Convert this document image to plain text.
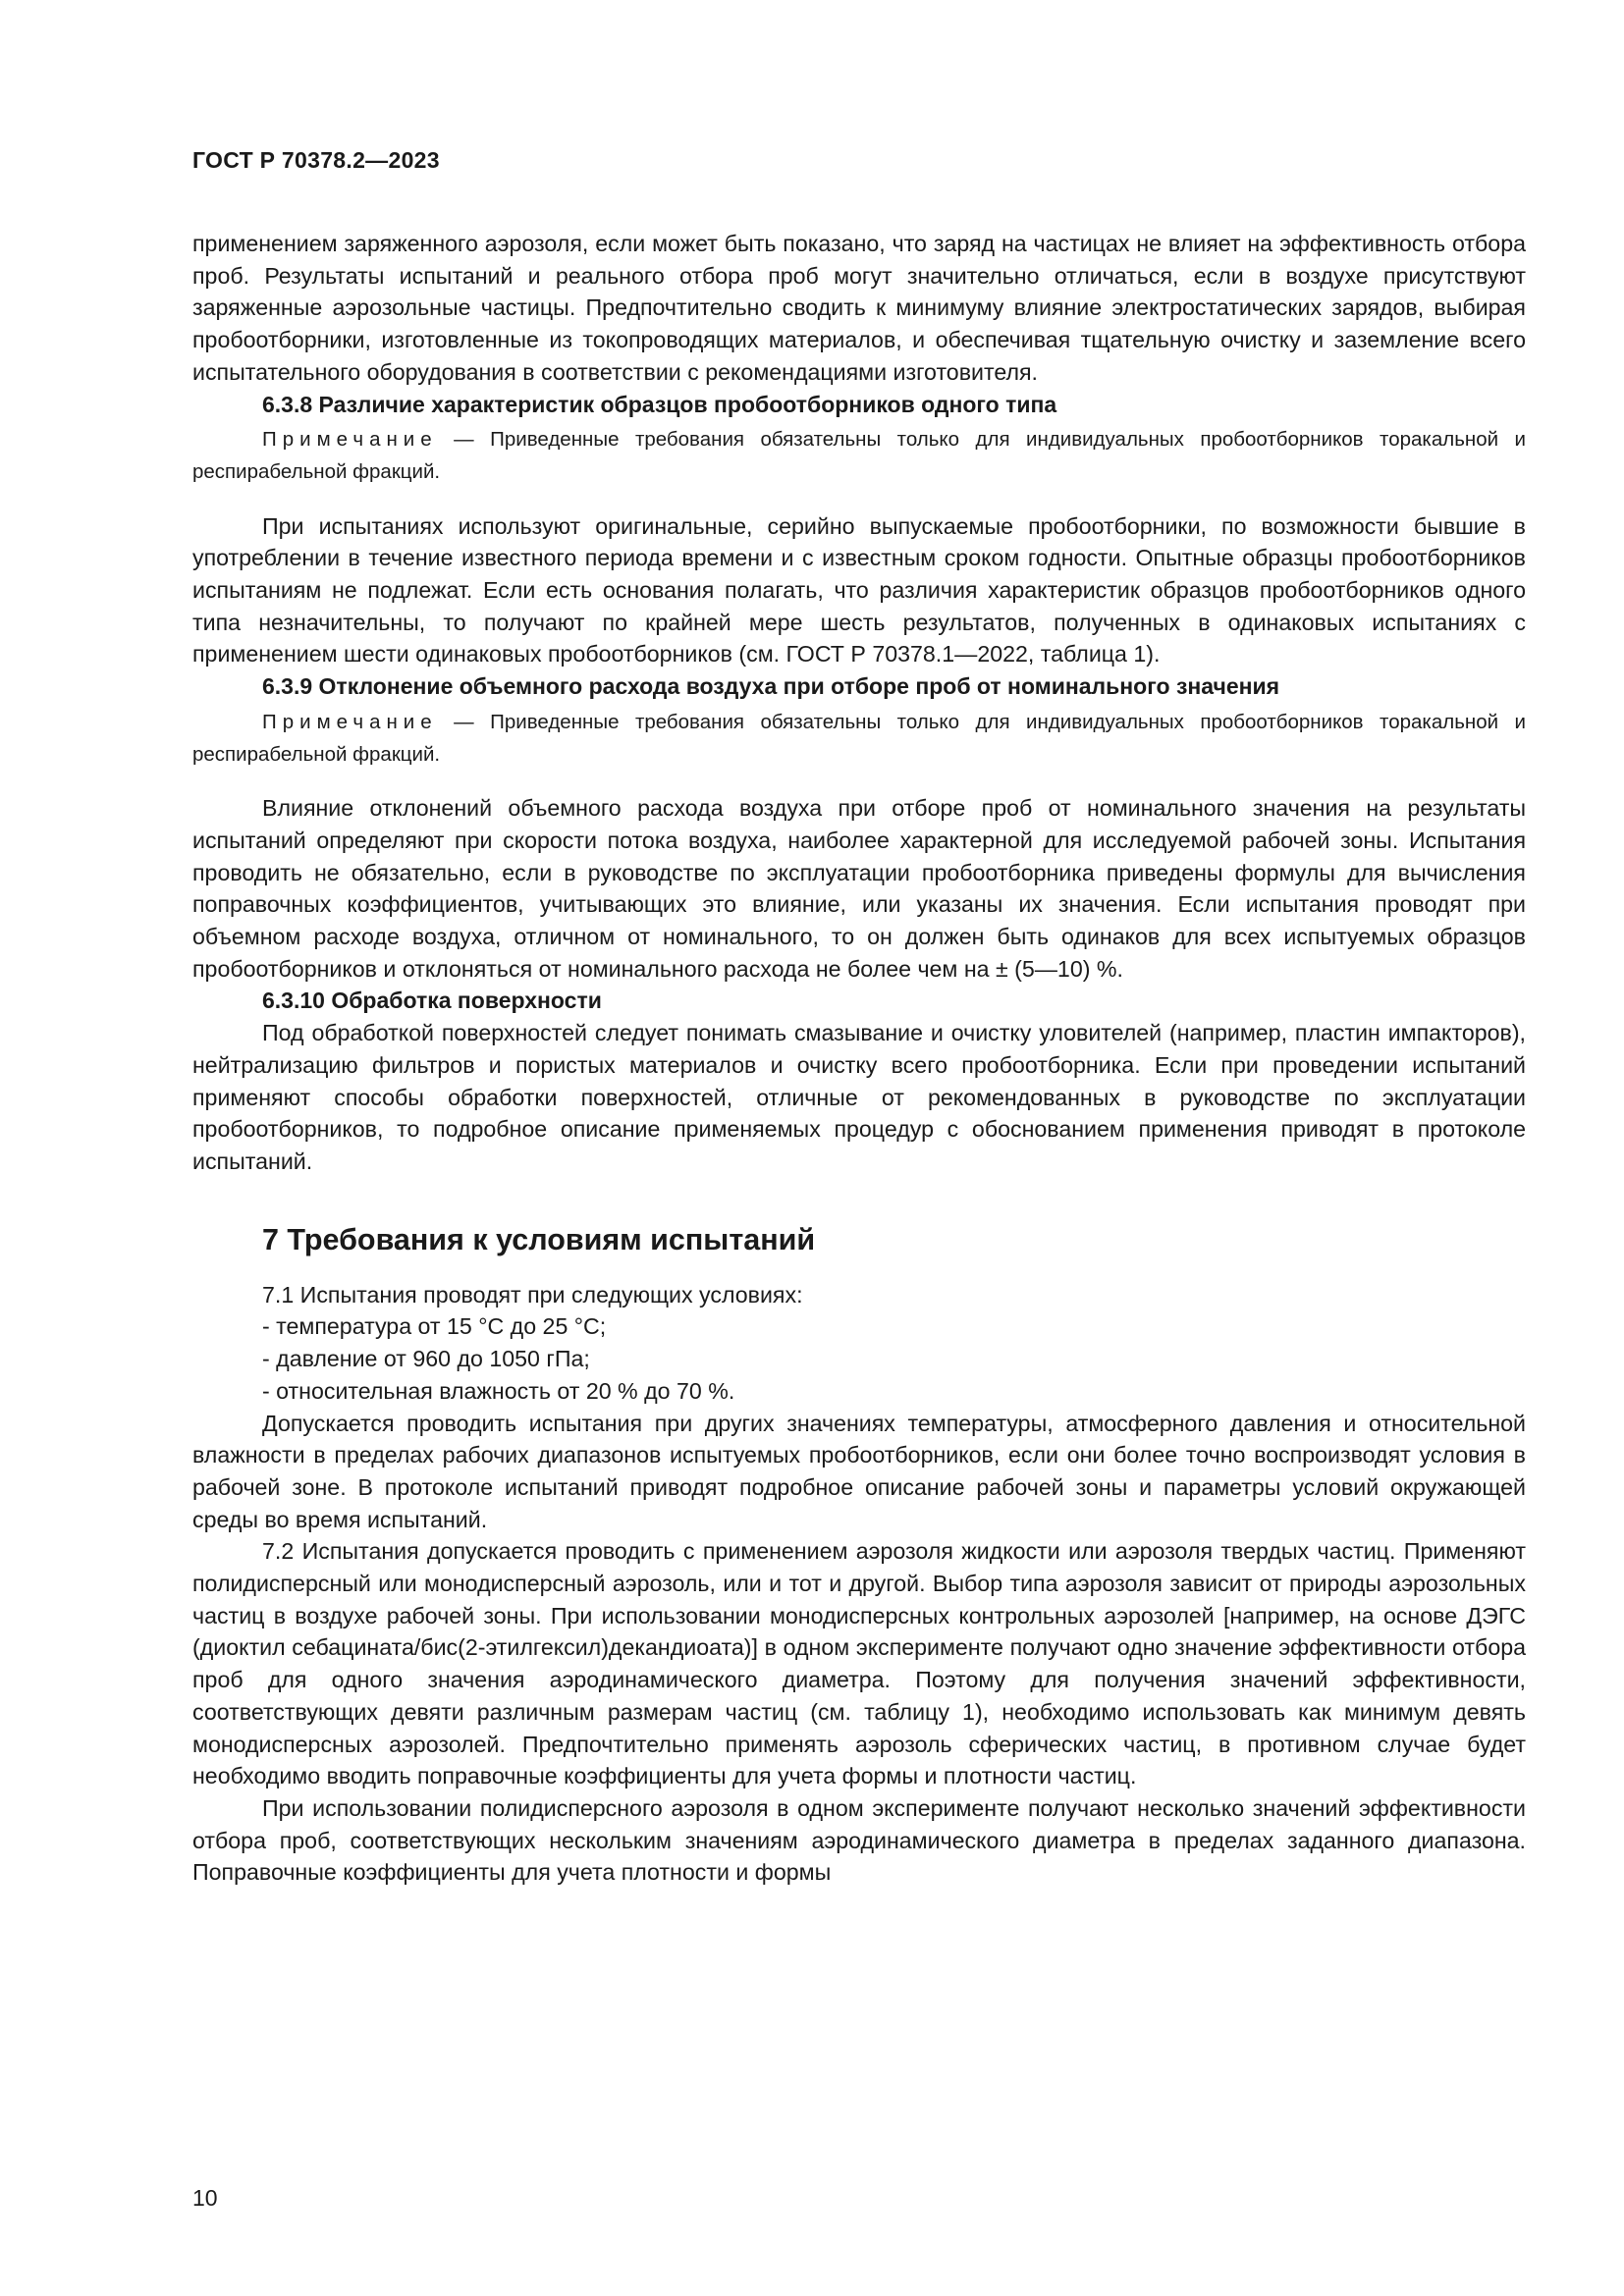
ГОСТ Р 70378.2—2023

применением заряженного аэрозоля, если может быть показано, что заряд на частицах не влияет на эффективность отбора проб. Результаты испытаний и реального отбора проб могут значительно отличаться, если в воздухе присутствуют заряженные аэрозольные частицы. Предпочтительно сводить к минимуму влияние электростатических зарядов, выбирая пробоотборники, изготовленные из токопроводящих материалов, и обеспечивая тщательную очистку и заземление всего испытательного оборудования в соответствии с рекомендациями изготовителя.

6.3.8 Различие характеристик образцов пробоотборников одного типа

Примечание — Приведенные требования обязательны только для индивидуальных пробоотборников торакальной и респирабельной фракций.

При испытаниях используют оригинальные, серийно выпускаемые пробоотборники, по возможности бывшие в употреблении в течение известного периода времени и с известным сроком годности. Опытные образцы пробоотборников испытаниям не подлежат. Если есть основания полагать, что различия характеристик образцов пробоотборников одного типа незначительны, то получают по крайней мере шесть результатов, полученных в одинаковых испытаниях с применением шести одинаковых пробоотборников (см. ГОСТ Р 70378.1—2022, таблица 1).

6.3.9 Отклонение объемного расхода воздуха при отборе проб от номинального значения

Примечание — Приведенные требования обязательны только для индивидуальных пробоотборников торакальной и респирабельной фракций.

Влияние отклонений объемного расхода воздуха при отборе проб от номинального значения на результаты испытаний определяют при скорости потока воздуха, наиболее характерной для исследуемой рабочей зоны. Испытания проводить не обязательно, если в руководстве по эксплуатации пробоотборника приведены формулы для вычисления поправочных коэффициентов, учитывающих это влияние, или указаны их значения. Если испытания проводят при объемном расходе воздуха, отличном от номинального, то он должен быть одинаков для всех испытуемых образцов пробоотборников и отклоняться от номинального расхода не более чем на ± (5—10) %.

6.3.10 Обработка поверхности

Под обработкой поверхностей следует понимать смазывание и очистку уловителей (например, пластин импакторов), нейтрализацию фильтров и пористых материалов и очистку всего пробоотборника. Если при проведении испытаний применяют способы обработки поверхностей, отличные от рекомендованных в руководстве по эксплуатации пробоотборников, то подробное описание применяемых процедур с обоснованием применения приводят в протоколе испытаний.

7 Требования к условиям испытаний

7.1 Испытания проводят при следующих условиях:

- температура от 15 °C до 25 °C;
- давление от 960 до 1050 гПа;
- относительная влажность от 20 % до 70 %.

Допускается проводить испытания при других значениях температуры, атмосферного давления и относительной влажности в пределах рабочих диапазонов испытуемых пробоотборников, если они более точно воспроизводят условия в рабочей зоне. В протоколе испытаний приводят подробное описание рабочей зоны и параметры условий окружающей среды во время испытаний.

7.2 Испытания допускается проводить с применением аэрозоля жидкости или аэрозоля твердых частиц. Применяют полидисперсный или монодисперсный аэрозоль, или и тот и другой. Выбор типа аэрозоля зависит от природы аэрозольных частиц в воздухе рабочей зоны. При использовании монодисперсных контрольных аэрозолей [например, на основе ДЭГС (диоктил себацината/бис(2-этилгексил)декандиоата)] в одном эксперименте получают одно значение эффективности отбора проб для одного значения аэродинамического диаметра. Поэтому для получения значений эффективности, соответствующих девяти различным размерам частиц (см. таблицу 1), необходимо использовать как минимум девять монодисперсных аэрозолей. Предпочтительно применять аэрозоль сферических частиц, в противном случае будет необходимо вводить поправочные коэффициенты для учета формы и плотности частиц.

При использовании полидисперсного аэрозоля в одном эксперименте получают несколько значений эффективности отбора проб, соответствующих нескольким значениям аэродинамического диаметра в пределах заданного диапазона. Поправочные коэффициенты для учета плотности и формы

10
